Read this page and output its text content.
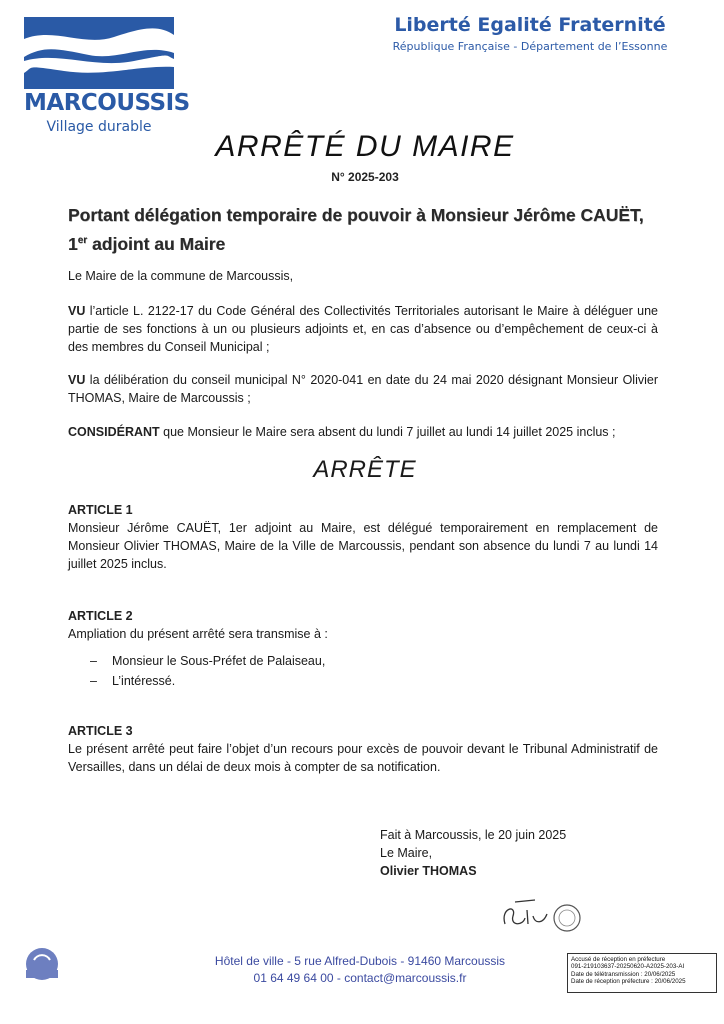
MARCOUSSIS
Village durable
Liberté Egalité Fraternité
République Française - Département de l’Essonne
ARRÊTÉ DU MAIRE
N° 2025-203
Portant délégation temporaire de pouvoir à Monsieur Jérôme CAUËT,
1er adjoint au Maire
Le Maire de la commune de Marcoussis,
VU l’article L. 2122-17 du Code Général des Collectivités Territoriales autorisant le Maire à déléguer une partie de ses fonctions à un ou plusieurs adjoints et, en cas d’absence ou d’empêchement de ceux-ci à des membres du Conseil Municipal ;
VU la délibération du conseil municipal N° 2020-041 en date du 24 mai 2020 désignant Monsieur Olivier THOMAS, Maire de Marcoussis ;
CONSIDÉRANT que Monsieur le Maire sera absent du lundi 7 juillet au lundi 14 juillet 2025 inclus ;
ARRÊTE
ARTICLE 1
Monsieur Jérôme CAUËT, 1er adjoint au Maire, est délégué temporairement en remplacement de Monsieur Olivier THOMAS, Maire de la Ville de Marcoussis, pendant son absence du lundi 7 au lundi 14 juillet 2025 inclus.
ARTICLE 2
Ampliation du présent arrêté sera transmise à :
– Monsieur le Sous-Préfet de Palaiseau,
– L’intéressé.
ARTICLE 3
Le présent arrêté peut faire l’objet d’un recours pour excès de pouvoir devant le Tribunal Administratif de Versailles, dans un délai de deux mois à compter de sa notification.
Fait à Marcoussis, le 20 juin 2025
Le Maire,
Olivier THOMAS
Hôtel de ville - 5 rue Alfred-Dubois - 91460 Marcoussis
01 64 49 64 00 - contact@marcoussis.fr
Accusé de réception en préfecture
091-219103637-20250620-A2025-203-AI
Date de télétransmission : 20/06/2025
Date de réception préfecture : 20/06/2025
